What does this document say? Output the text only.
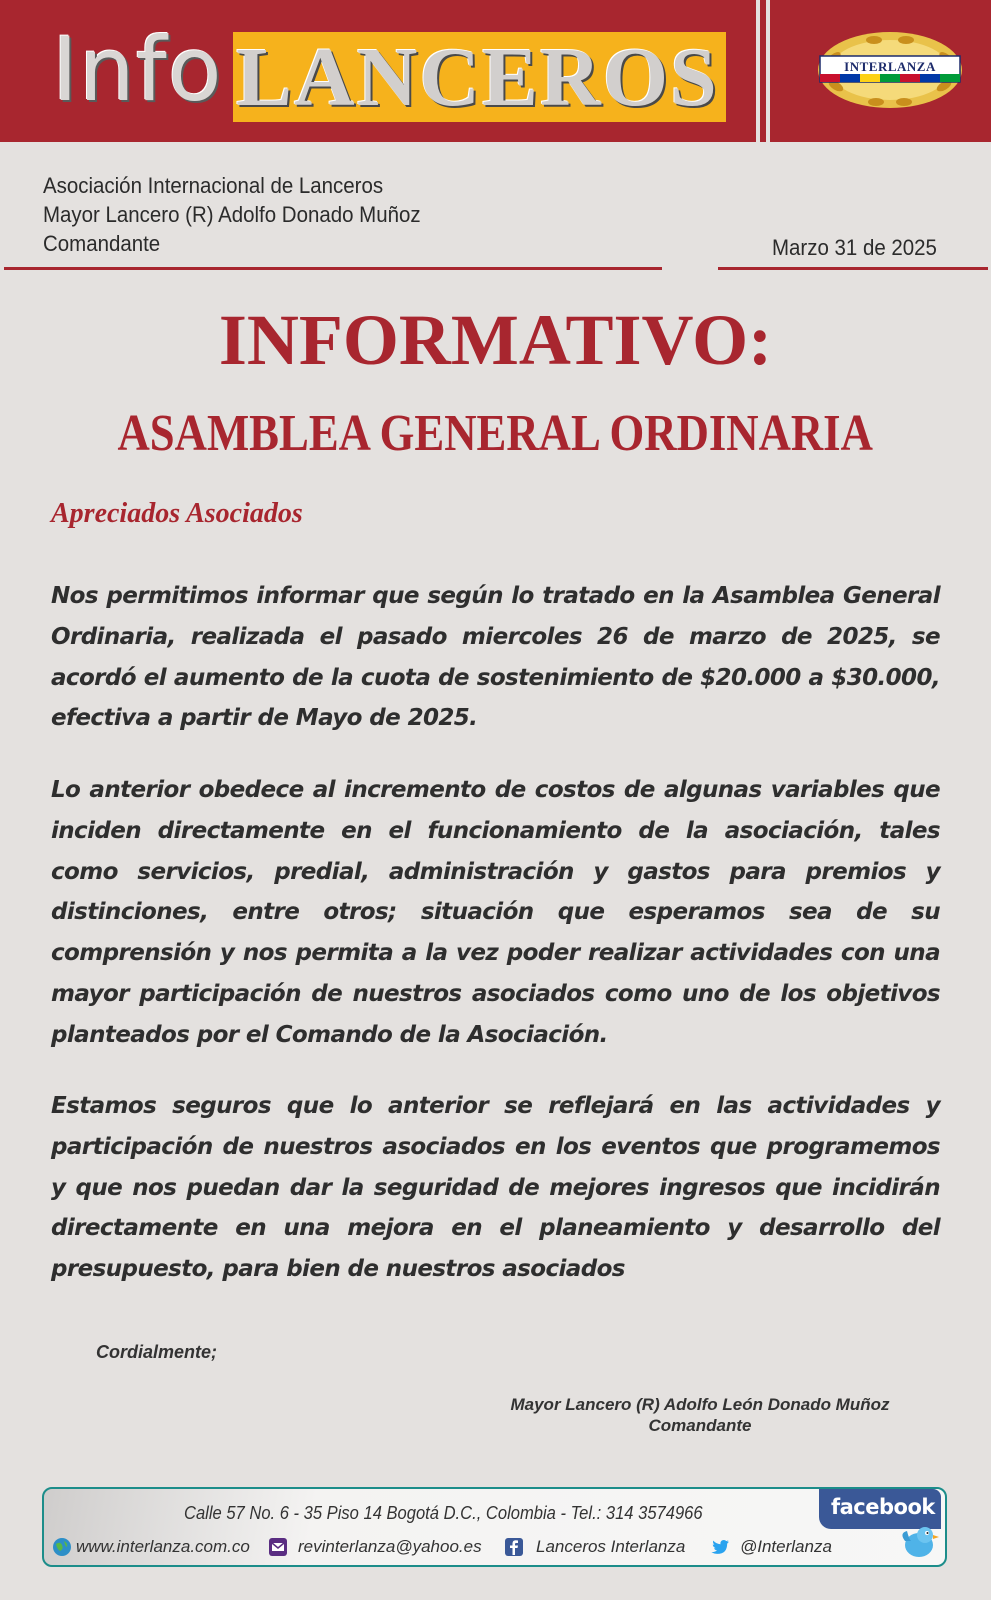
Info LANCEROS	INTERLANZA
Asociación Internacional de Lanceros
Mayor Lancero (R) Adolfo Donado Muñoz
Comandante	Marzo 31 de 2025
INFORMATIVO:
ASAMBLEA GENERAL ORDINARIA
Apreciados Asociados
Nos permitimos informar que según lo tratado en la Asamblea General Ordinaria, realizada el pasado miercoles 26 de marzo de 2025, se acordó el aumento de la cuota de sostenimiento de $20.000 a $30.000, efectiva a partir de Mayo de 2025.
Lo anterior obedece al incremento de costos de algunas variables que inciden directamente en el funcionamiento de la asociación, tales como servicios, predial, administración y gastos para premios y distinciones, entre otros; situación que esperamos sea de su comprensión y nos permita a la vez poder realizar actividades con una mayor participación de nuestros asociados como uno de los objetivos planteados por el Comando de la Asociación.
Estamos seguros que lo anterior se reflejará en las actividades y participación de nuestros asociados en los eventos que programemos y que nos puedan dar la seguridad de mejores ingresos que incidirán directamente en una mejora en el planeamiento y desarrollo del presupuesto, para bien de nuestros asociados
Cordialmente;
Mayor Lancero (R) Adolfo León Donado Muñoz
Comandante
Calle 57 No. 6 - 35 Piso 14 Bogotá D.C., Colombia - Tel.: 314 3574966	facebook
www.interlanza.com.co	revinterlanza@yahoo.es	Lanceros Interlanza	@Interlanza
